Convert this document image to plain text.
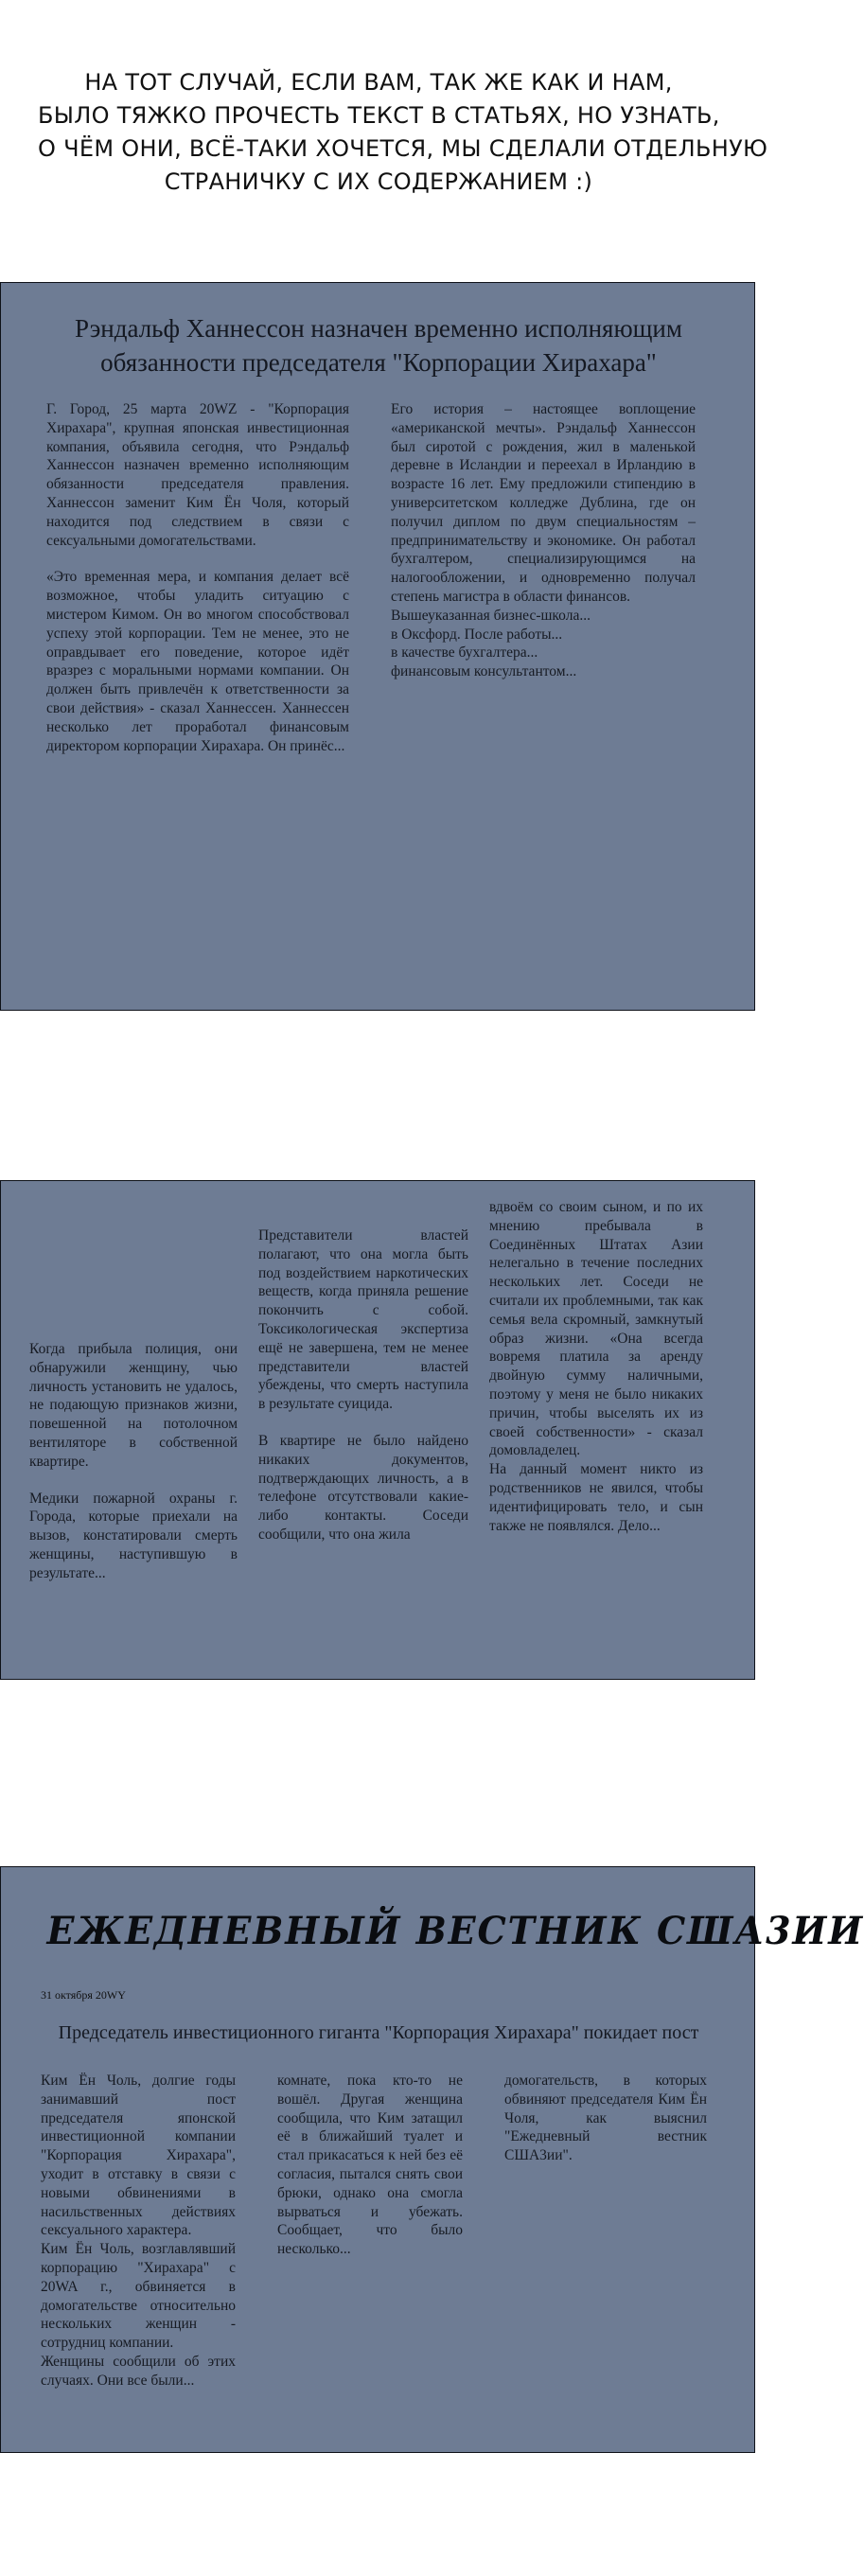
НА ТОТ СЛУЧАЙ, ЕСЛИ ВАМ, ТАК ЖЕ КАК И НАМ,
БЫЛО ТЯЖКО ПРОЧЕСТЬ ТЕКСТ В СТАТЬЯХ, НО УЗНАТЬ,
О ЧЁМ ОНИ, ВСЁ-ТАКИ ХОЧЕТСЯ, МЫ СДЕЛАЛИ ОТДЕЛЬНУЮ
СТРАНИЧКУ С ИХ СОДЕРЖАНИЕМ :)
Рэндальф Ханнессон назначен временно исполняющим
обязанности председателя "Корпорации Хирахара"

Г. Город, 25 марта 20WZ - "Корпорация Хирахара", крупная японская инвестиционная компания, объявила сегодня, что Рэндальф Ханнессон назначен временно исполняющим обязанности председателя правления. Ханнессон заменит Ким Ён Чоля, который находится под следствием в связи с сексуальными домогательствами.

«Это временная мера, и компания делает всё возможное, чтобы уладить ситуацию с мистером Кимом. Он во многом способствовал успеху этой корпорации. Тем не менее, это не оправдывает его поведение, которое идёт вразрез с моральными нормами компании. Он должен быть привлечён к ответственности за свои действия» - сказал Ханнессен. Ханнессен несколько лет проработал финансовым директором корпорации Хирахара. Он принёс...

Его история – настоящее воплощение «американской мечты». Рэндальф Ханнессон был сиротой с рождения, жил в маленькой деревне в Исландии и переехал в Ирландию в возрасте 16 лет. Ему предложили стипендию в университетском колледже Дублина, где он получил диплом по двум специальностям – предпринимательству и экономике. Он работал бухгалтером, специализирующимся на налогообложении, и одновременно получал степень магистра в области финансов.

Вышеуказанная бизнес-школа...
в Оксфорд. После работы...
в качестве бухгалтера...
финансовым консультантом...

Когда прибыла полиция, они обнаружили женщину, чью личность установить не удалось, не подающую признаков жизни, повешенной на потолочном вентиляторе в собственной квартире.

Медики пожарной охраны г. Города, которые приехали на вызов, констатировали смерть женщины, наступившую в результате...

Представители властей полагают, что она могла быть под воздействием наркотических веществ, когда приняла решение покончить с собой. Токсикологическая экспертиза ещё не завершена, тем не менее представители властей убеждены, что смерть наступила в результате суицида.

В квартире не было найдено никаких документов, подтверждающих личность, а в телефоне отсутствовали какие-либо контакты. Соседи сообщили, что она жила

вдвоём со своим сыном, и по их мнению пребывала в Соединённых Штатах Азии нелегально в течение последних нескольких лет. Соседи не считали их проблемными, так как семья вела скромный, замкнутый образ жизни. «Она всегда вовремя платила за аренду двойную сумму наличными, поэтому у меня не было никаких причин, чтобы выселять их из своей собственности» - сказал домовладелец.

На данный момент никто из родственников не явился, чтобы идентифицировать тело, и сын также не появлялся. Дело...

ЕЖЕДНЕВНЫЙ ВЕСТНИК США3ИИ
31 октября 20WY
Председатель инвестиционного гиганта "Корпорация Хирахара" покидает пост

Ким Ён Чоль, долгие годы занимавший пост председателя японской инвестиционной компании "Корпорация Хирахара", уходит в отставку в связи с новыми обвинениями в насильственных действиях сексуального характера.

Ким Ён Чоль, возглавлявший корпорацию "Хирахара" с 20WA г., обвиняется в домогательстве относительно нескольких женщин - сотрудниц компании.

Женщины сообщили об этих случаях. Они все были...

комнате, пока кто-то не вошёл. Другая женщина сообщила, что Ким затащил её в ближайший туалет и стал прикасаться к ней без её согласия, пытался снять свои брюки, однако она смогла вырваться и убежать. Сообщает, что было несколько...

домогательств, в которых обвиняют председателя Ким Ён Чоля, как выяснил "Ежедневный вестник США3ии".
